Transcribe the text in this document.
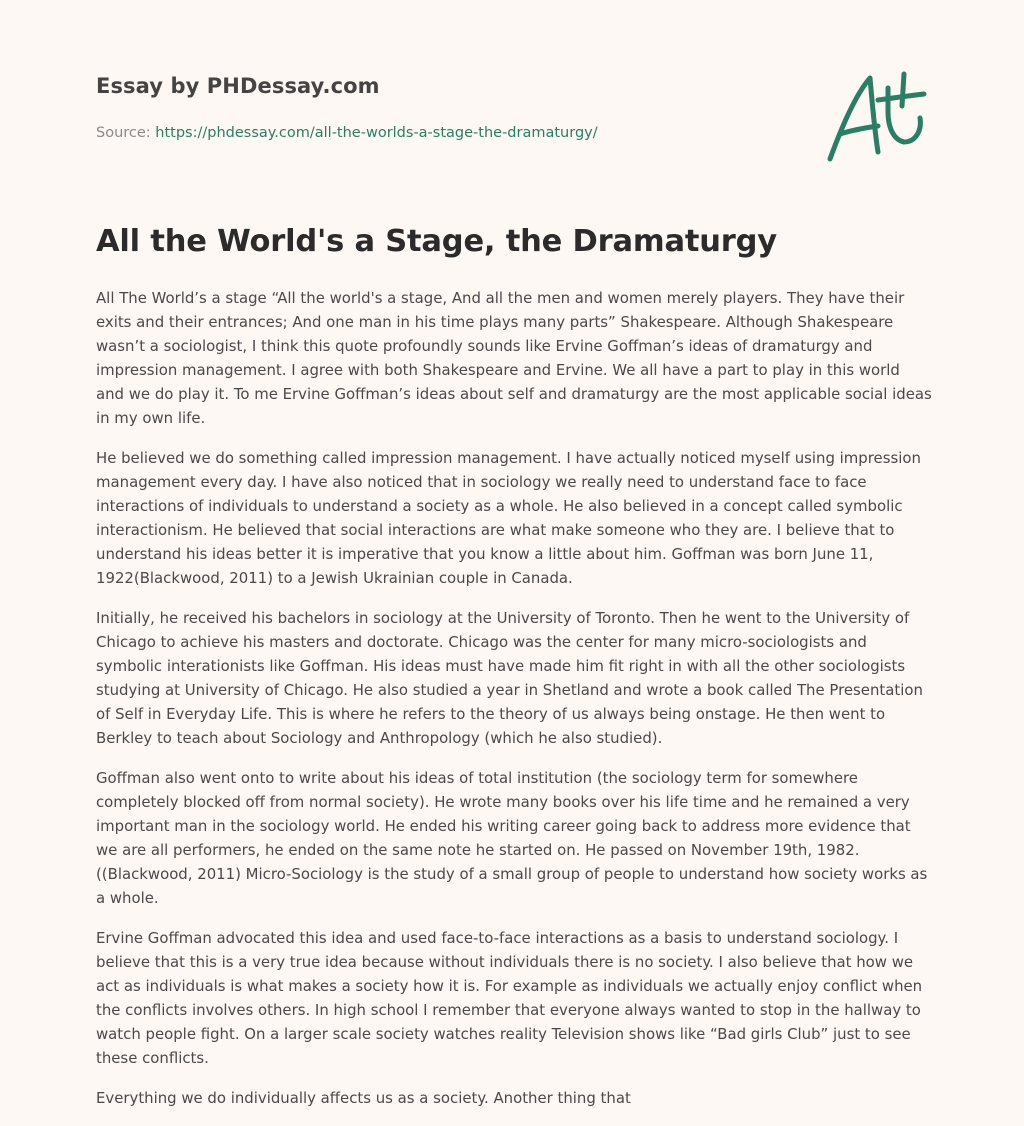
Essay by PHDessay.com
Source: https://phdessay.com/all-the-worlds-a-stage-the-dramaturgy/
All the World's a Stage, the Dramaturgy

All The World’s a stage “All the world's a stage, And all the men and women merely players. They have their exits and their entrances; And one man in his time plays many parts” Shakespeare. Although Shakespeare wasn’t a sociologist, I think this quote profoundly sounds like Ervine Goffman’s ideas of dramaturgy and impression management. I agree with both Shakespeare and Ervine. We all have a part to play in this world and we do play it. To me Ervine Goffman’s ideas about self and dramaturgy are the most applicable social ideas in my own life.

He believed we do something called impression management. I have actually noticed myself using impression management every day. I have also noticed that in sociology we really need to understand face to face interactions of individuals to understand a society as a whole. He also believed in a concept called symbolic interactionism. He believed that social interactions are what make someone who they are. I believe that to understand his ideas better it is imperative that you know a little about him. Goffman was born June 11, 1922(Blackwood, 2011) to a Jewish Ukrainian couple in Canada.

Initially, he received his bachelors in sociology at the University of Toronto. Then he went to the University of Chicago to achieve his masters and doctorate. Chicago was the center for many micro-sociologists and symbolic interationists like Goffman. His ideas must have made him fit right in with all the other sociologists studying at University of Chicago. He also studied a year in Shetland and wrote a book called The Presentation of Self in Everyday Life. This is where he refers to the theory of us always being onstage. He then went to Berkley to teach about Sociology and Anthropology (which he also studied).

Goffman also went onto to write about his ideas of total institution (the sociology term for somewhere completely blocked off from normal society). He wrote many books over his life time and he remained a very important man in the sociology world. He ended his writing career going back to address more evidence that we are all performers, he ended on the same note he started on. He passed on November 19th, 1982. ((Blackwood, 2011) Micro-Sociology is the study of a small group of people to understand how society works as a whole.

Ervine Goffman advocated this idea and used face-to-face interactions as a basis to understand sociology. I believe that this is a very true idea because without individuals there is no society. I also believe that how we act as individuals is what makes a society how it is. For example as individuals we actually enjoy conflict when the conflicts involves others. In high school I remember that everyone always wanted to stop in the hallway to watch people fight. On a larger scale society watches reality Television shows like “Bad girls Club” just to see these conflicts.

Everything we do individually affects us as a society. Another thing that
